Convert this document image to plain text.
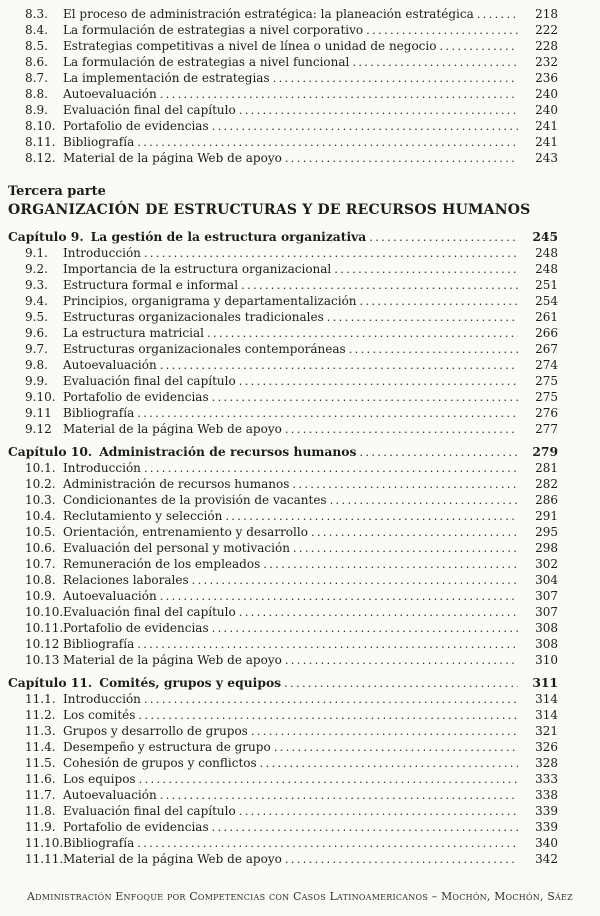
8.3.	El proceso de administración estratégica: la planeación estratégica .....	218
8.4.	La formulación de estrategias a nivel corporativo .....	222
8.5.	Estrategias competitivas a nivel de línea o unidad de negocio .....	228
8.6.	La formulación de estrategias a nivel funcional .....	232
8.7.	La implementación de estrategias .....	236
8.8.	Autoevaluación .....	240
8.9.	Evaluación final del capítulo .....	240
8.10. Portafolio de evidencias .....	241
8.11. Bibliografía .....	241
8.12. Material de la página Web de apoyo .....	243
Tercera parte
ORGANIZACIÓN DE ESTRUCTURAS Y DE RECURSOS HUMANOS
Capítulo 9. La gestión de la estructura organizativa .....	245
9.1.	Introducción .....	248
9.2.	Importancia de la estructura organizacional .....	248
9.3.	Estructura formal e informal .....	251
9.4.	Principios, organigrama y departamentalización .....	254
9.5.	Estructuras organizacionales tradicionales .....	261
9.6.	La estructura matricial .....	266
9.7.	Estructuras organizacionales contemporáneas .....	267
9.8.	Autoevaluación .....	274
9.9.	Evaluación final del capítulo .....	275
9.10. Portafolio de evidencias .....	275
9.11 Bibliografía .....	276
9.12 Material de la página Web de apoyo .....	277
Capítulo 10. Administración de recursos humanos .....	279
10.1. Introducción .....	281
10.2. Administración de recursos humanos .....	282
10.3. Condicionantes de la provisión de vacantes .....	286
10.4. Reclutamiento y selección .....	291
10.5. Orientación, entrenamiento y desarrollo .....	295
10.6. Evaluación del personal y motivación .....	298
10.7. Remuneración de los empleados .....	302
10.8. Relaciones laborales .....	304
10.9. Autoevaluación .....	307
10.10. Evaluación final del capítulo .....	307
10.11. Portafolio de evidencias .....	308
10.12 Bibliografía .....	308
10.13 Material de la página Web de apoyo .....	310
Capítulo 11. Comités, grupos y equipos .....	311
11.1. Introducción .....	314
11.2. Los comités .....	314
11.3. Grupos y desarrollo de grupos .....	321
11.4. Desempeño y estructura de grupo .....	326
11.5. Cohesión de grupos y conflictos .....	328
11.6. Los equipos .....	333
11.7. Autoevaluación .....	338
11.8. Evaluación final del capítulo .....	339
11.9. Portafolio de evidencias .....	339
11.10. Bibliografía .....	340
11.11. Material de la página Web de apoyo .....	342
Administración Enfoque por Competencias con Casos Latinoamericanos – Mochón, Mochón, Sáez
